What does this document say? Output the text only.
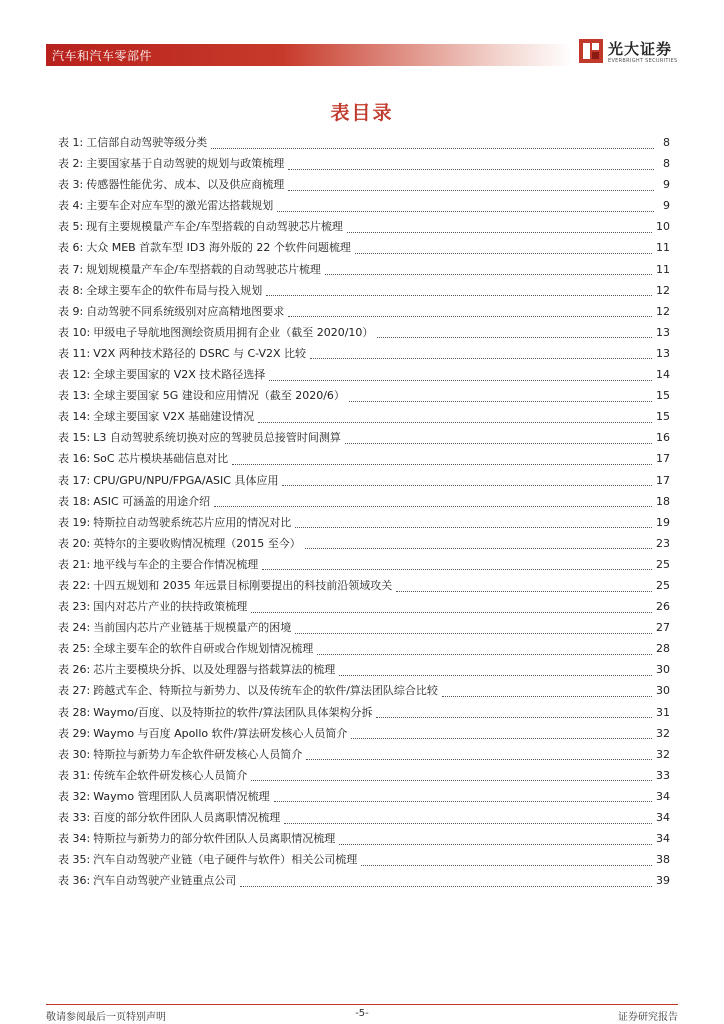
汽车和汽车零部件	光大证券
EVERBRIGHT SECURITIES
表目录
表 1: 工信部自动驾驶等级分类	8
表 2: 主要国家基于自动驾驶的规划与政策梳理	8
表 3: 传感器性能优劣、成本、以及供应商梳理	9
表 4: 主要车企对应车型的激光雷达搭载规划	9
表 5: 现有主要规模量产车企/车型搭载的自动驾驶芯片梳理	10
表 6: 大众 MEB 首款车型 ID3 海外版的 22 个软件问题梳理	11
表 7: 规划规模量产车企/车型搭载的自动驾驶芯片梳理	11
表 8: 全球主要车企的软件布局与投入规划	12
表 9: 自动驾驶不同系统级别对应高精地图要求	12
表 10: 甲级电子导航地图测绘资质用拥有企业（截至 2020/10）	13
表 11: V2X 两种技术路径的 DSRC 与 C-V2X 比较	13
表 12: 全球主要国家的 V2X 技术路径选择	14
表 13: 全球主要国家 5G 建设和应用情况（截至 2020/6）	15
表 14: 全球主要国家 V2X 基础建设情况	15
表 15: L3 自动驾驶系统切换对应的驾驶员总接管时间测算	16
表 16: SoC 芯片模块基础信息对比	17
表 17: CPU/GPU/NPU/FPGA/ASIC 具体应用	17
表 18: ASIC 可涵盖的用途介绍	18
表 19: 特斯拉自动驾驶系统芯片应用的情况对比	19
表 20: 英特尔的主要收购情况梳理（2015 至今）	23
表 21: 地平线与车企的主要合作情况梳理	25
表 22: 十四五规划和 2035 年远景目标刚要提出的科技前沿领域攻关	25
表 23: 国内对芯片产业的扶持政策梳理	26
表 24: 当前国内芯片产业链基于规模量产的困境	27
表 25: 全球主要车企的软件自研或合作规划情况梳理	28
表 26: 芯片主要模块分拆、以及处理器与搭载算法的梳理	30
表 27: 跨越式车企、特斯拉与新势力、以及传统车企的软件/算法团队综合比较	30
表 28: Waymo/百度、以及特斯拉的软件/算法团队具体架构分拆	31
表 29: Waymo 与百度 Apollo 软件/算法研发核心人员简介	32
表 30: 特斯拉与新势力车企软件研发核心人员简介	32
表 31: 传统车企软件研发核心人员简介	33
表 32: Waymo 管理团队人员离职情况梳理	34
表 33: 百度的部分软件团队人员离职情况梳理	34
表 34: 特斯拉与新势力的部分软件团队人员离职情况梳理	34
表 35: 汽车自动驾驶产业链（电子硬件与软件）相关公司梳理	38
表 36: 汽车自动驾驶产业链重点公司	39
敬请参阅最后一页特别声明	-5-	证券研究报告
